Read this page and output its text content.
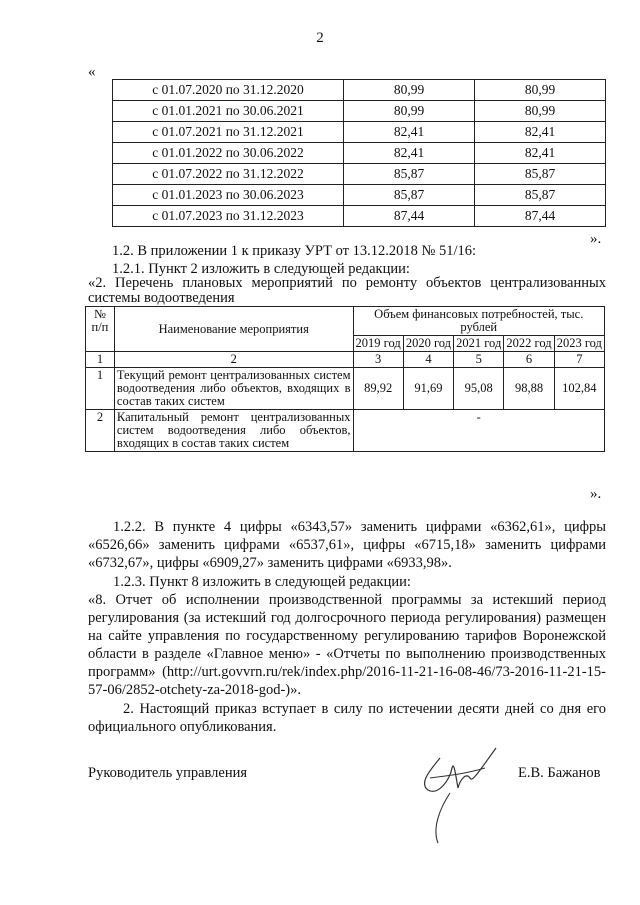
2
«
с 01.07.2020 по 31.12.2020	80,99	80,99
с 01.01.2021 по 30.06.2021	80,99	80,99
с 01.07.2021 по 31.12.2021	82,41	82,41
с 01.01.2022 по 30.06.2022	82,41	82,41
с 01.07.2022 по 31.12.2022	85,87	85,87
с 01.01.2023 по 30.06.2023	85,87	85,87
с 01.07.2023 по 31.12.2023	87,44	87,44
».
1.2. В приложении 1 к приказу УРТ от 13.12.2018 № 51/16:
1.2.1. Пункт 2 изложить в следующей редакции:
«2. Перечень плановых мероприятий по ремонту объектов централизованных системы водоотведения
№ п/п	Наименование мероприятия	Объем финансовых потребностей, тыс. рублей				
		2019 год	2020 год	2021 год	2022 год	2023 год
1	2	3	4	5	6	7
1	Текущий ремонт централизованных систем водоотведения либо объектов, входящих в состав таких систем	89,92	91,69	95,08	98,88	102,84
2	Капитальный ремонт централизованных систем водоотведения либо объектов, входящих в состав таких систем	-				
».
1.2.2. В пункте 4 цифры «6343,57» заменить цифрами «6362,61», цифры «6526,66» заменить цифрами «6537,61», цифры «6715,18» заменить цифрами «6732,67», цифры «6909,27» заменить цифрами «6933,98».
1.2.3. Пункт 8 изложить в следующей редакции:
«8. Отчет об исполнении производственной программы за истекший период регулирования (за истекший год долгосрочного периода регулирования) размещен на сайте управления по государственному регулированию тарифов Воронежской области в разделе «Главное меню» - «Отчеты по выполнению производственных программ» (http://urt.govvrn.ru/rek/index.php/2016-11-21-16-08-46/73-2016-11-21-15-57-06/2852-otchety-za-2018-god-)».
2. Настоящий приказ вступает в силу по истечении десяти дней со дня его официального опубликования.
Руководитель управления	Е.В. Бажанов
